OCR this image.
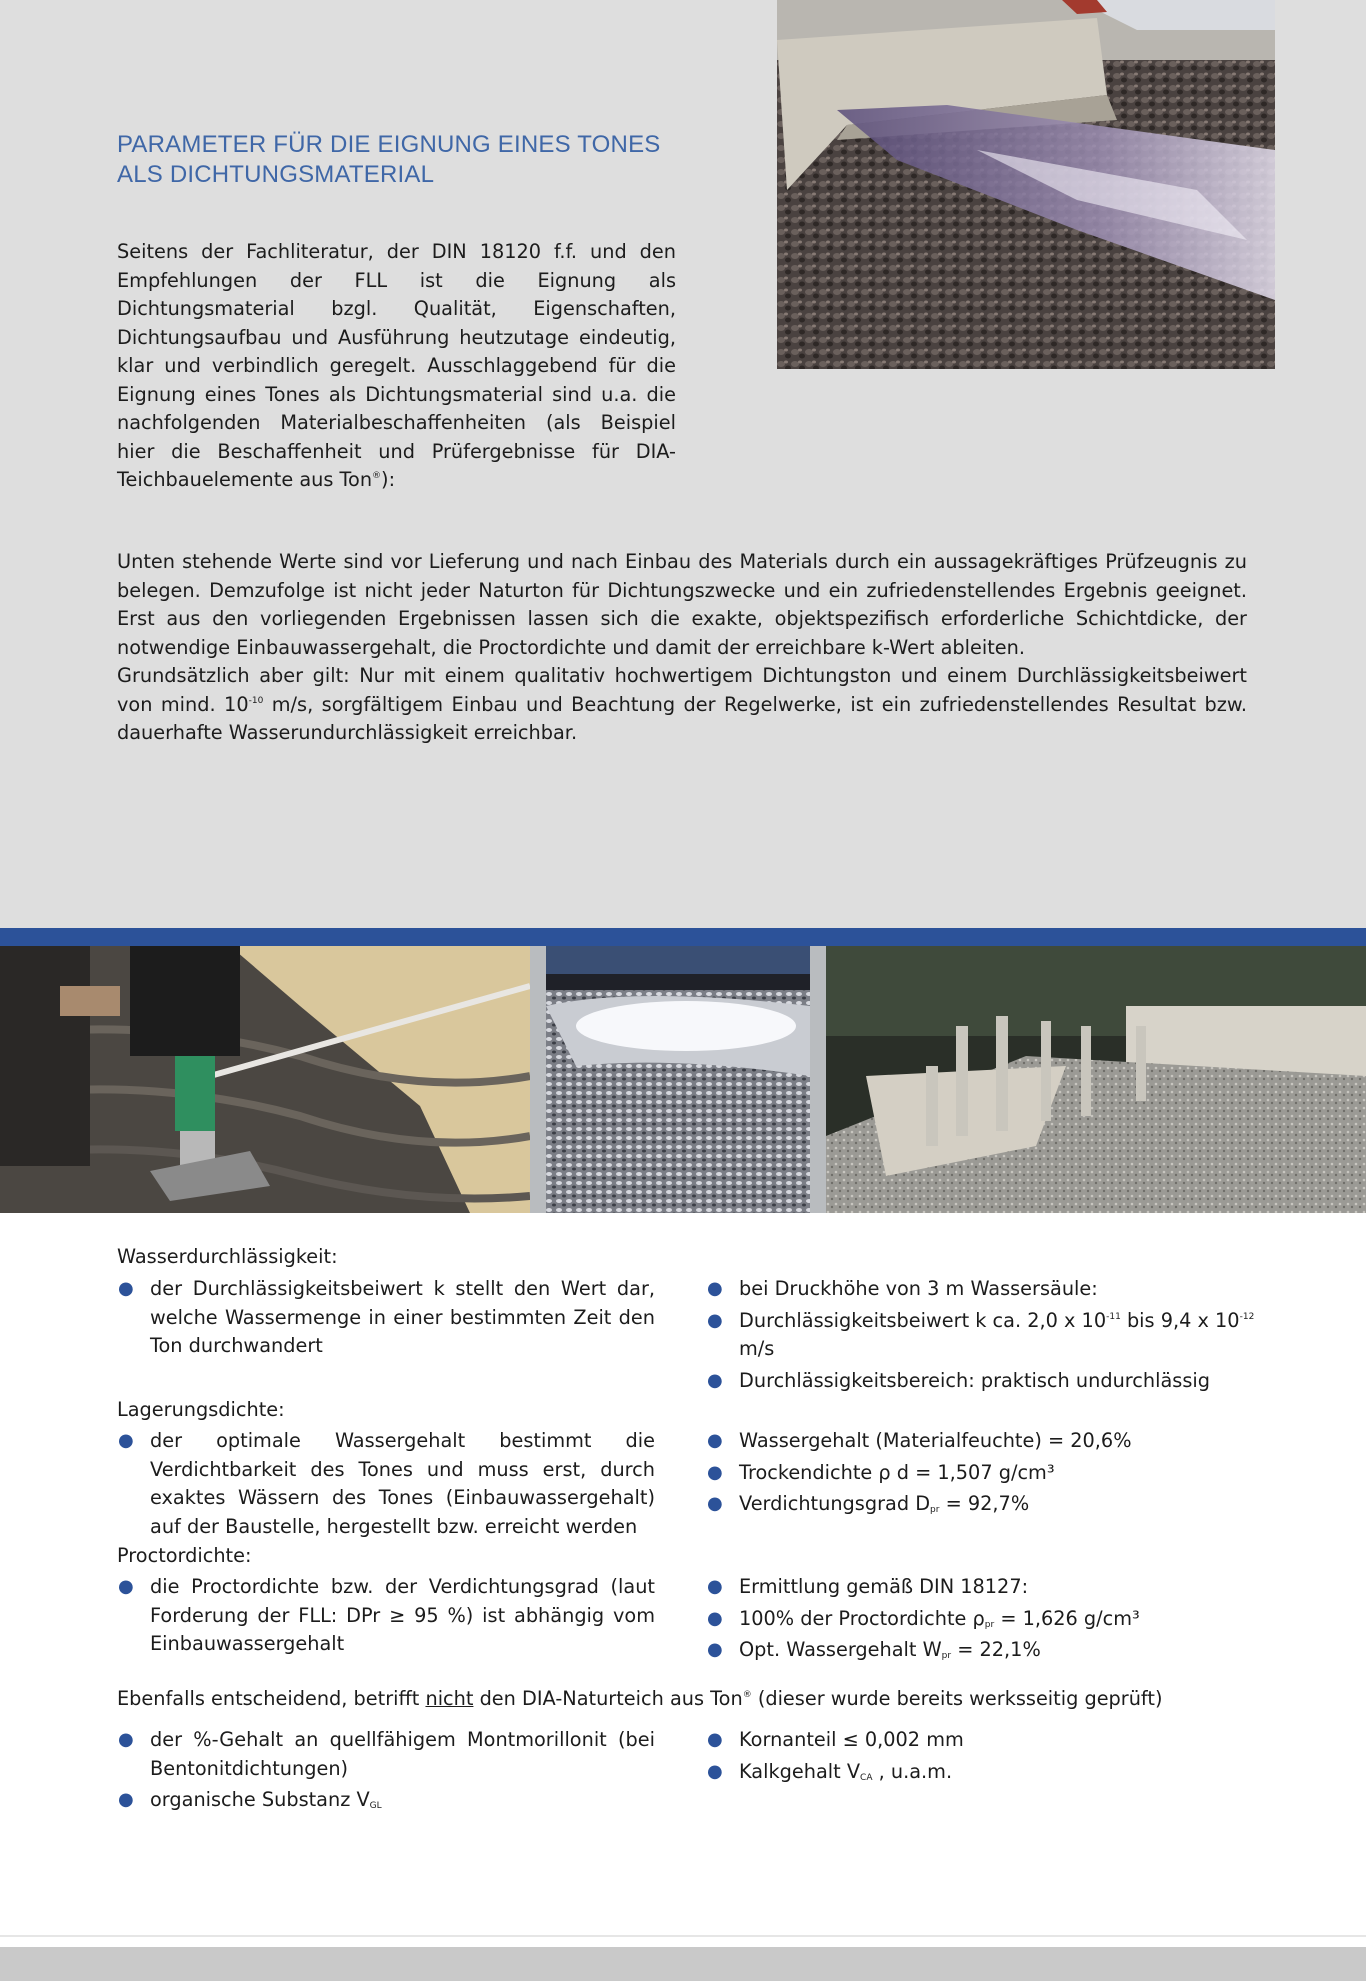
PARAMETER FÜR DIE EIGNUNG EINES TONES
ALS DICHTUNGSMATERIAL

Seitens der Fachliteratur, der DIN 18120 f.f. und den Empfehlungen der FLL ist die Eignung als Dichtungsmaterial bzgl. Qualität, Eigenschaften, Dichtungsaufbau und Ausführung heutzutage eindeutig, klar und verbindlich geregelt. Ausschlaggebend für die Eignung eines Tones als Dichtungsmaterial sind u.a. die nachfolgenden Materialbeschaffenheiten (als Beispiel hier die Beschaffenheit und Prüfergebnisse für DIA-Teichbauelemente aus Ton®):

Unten stehende Werte sind vor Lieferung und nach Einbau des Materials durch ein aussagekräftiges Prüfzeugnis zu belegen. Demzufolge ist nicht jeder Naturton für Dichtungszwecke und ein zufriedenstellendes Ergebnis geeignet. Erst aus den vorliegenden Ergebnissen lassen sich die exakte, objektspezifisch erforderliche Schichtdicke, der notwendige Einbauwassergehalt, die Proctordichte und damit der erreichbare k-Wert ableiten.

Grundsätzlich aber gilt: Nur mit einem qualitativ hochwertigem Dichtungston und einem Durchlässigkeitsbeiwert von mind. $10^{-10}$ m/s, sorgfältigem Einbau und Beachtung der Regelwerke, ist ein zufriedenstellendes Resultat bzw. dauerhafte Wasserundurchlässigkeit erreichbar.

Wasserdurchlässigkeit:

● der Durchlässigkeitsbeiwert k stellt den Wert dar, welche Wassermenge in einer bestimmten Zeit den Ton durchwandert
● bei Druckhöhe von 3 m Wassersäule:
● Durchlässigkeitsbeiwert k ca. 2,0 x $10^{-11}$ bis 9,4 x $10^{-12}$ m/s
● Durchlässigkeitsbereich: praktisch undurchlässig

Lagerungsdichte:

● der optimale Wassergehalt bestimmt die Verdichtbarkeit des Tones und muss erst, durch exaktes Wässern des Tones (Einbauwassergehalt) auf der Baustelle, hergestellt bzw. erreicht werden
● Wassergehalt (Materialfeuchte) = 20,6%
● Trockendichte ρ d = 1,507 g/cm³
● Verdichtungsgrad $D_{pr} = 92,7\%$

Proctordichte:

● die Proctordichte bzw. der Verdichtungsgrad (laut Forderung der FLL: DPr ≥ 95 %) ist abhängig vom Einbauwassergehalt
● Ermittlung gemäß DIN 18127:
● 100% der Proctordichte $\rho_{pr} = 1,626$ g/cm³
● Opt. Wassergehalt $W_{pr} = 22,1\%$

Ebenfalls entscheidend, betrifft nicht den DIA-Naturteich aus Ton® (dieser wurde bereits werksseitig geprüft)

● der %-Gehalt an quellfähigem Montmorillonit (bei Bentonitdichtungen)
● organische Substanz $V_{GL}$
● Kornanteil ≤ 0,002 mm
● Kalkgehalt $V_{CA}$ , u.a.m.
